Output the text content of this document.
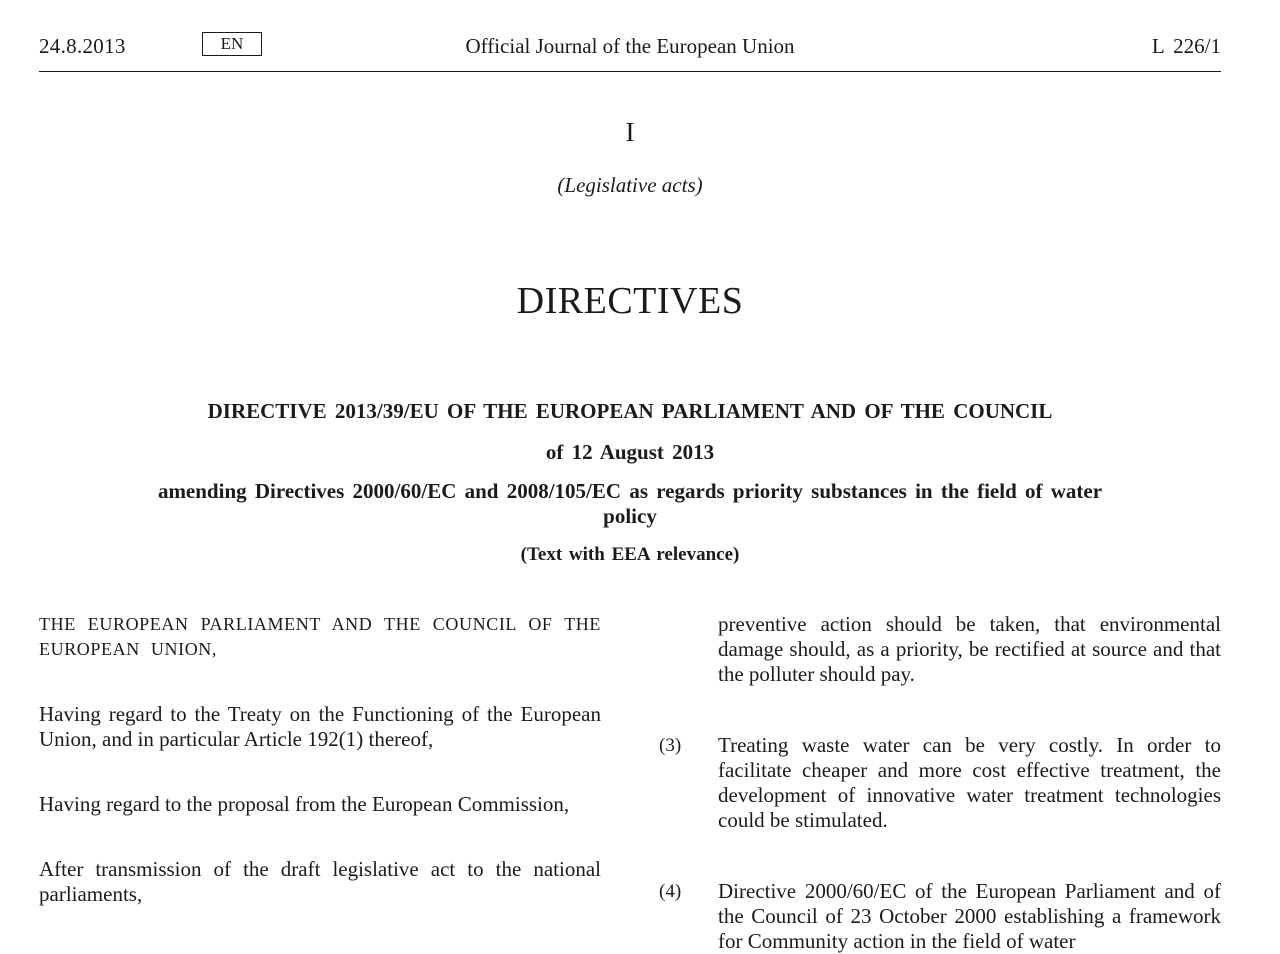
24.8.2013	EN	Official Journal of the European Union	L 226/1
I
(Legislative acts)
DIRECTIVES
DIRECTIVE 2013/39/EU OF THE EUROPEAN PARLIAMENT AND OF THE COUNCIL
of 12 August 2013
amending Directives 2000/60/EC and 2008/105/EC as regards priority substances in the field of water policy
(Text with EEA relevance)

THE EUROPEAN PARLIAMENT AND THE COUNCIL OF THE EUROPEAN UNION,

Having regard to the Treaty on the Functioning of the European Union, and in particular Article 192(1) thereof,

Having regard to the proposal from the European Commission,

After transmission of the draft legislative act to the national parliaments,

preventive action should be taken, that environmental damage should, as a priority, be rectified at source and that the polluter should pay.
(3) Treating waste water can be very costly. In order to facilitate cheaper and more cost effective treatment, the development of innovative water treatment technologies could be stimulated.
(4) Directive 2000/60/EC of the European Parliament and of the Council of 23 October 2000 establishing a framework for Community action in the field of water
